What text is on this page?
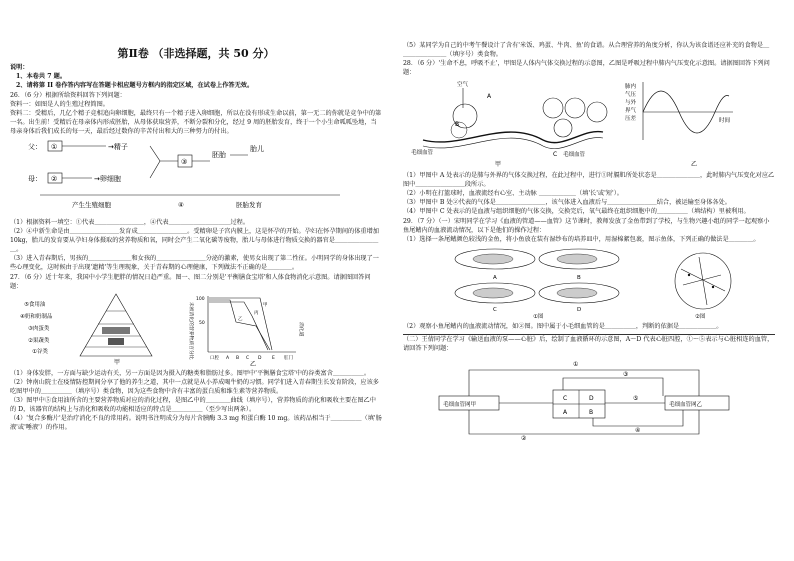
说明：

1、本卷共 7 题。

2、请将第 II 卷作答内容写在答题卡相应题号方框内的指定区域，在试卷上作答无效。

26．（6 分）根据所给资料回答下列问题：

资料一：如图是人的生殖过程简图。

资料二：受精后，几亿个精子竞相追向卵细胞，最终只有一个精子进入卵细胞，所以在没有形成生命以前，第一无二的你就是竞争中的第一名。出生前！受精后在母亲体内形成胚胎，从母体获取营养，不断分裂和分化，经过 9 周的胚胎发育，终于一个小生命呱呱坠地，当母亲身体后我们成长的每一天，最后经过数你的辛苦付出和大的三种努力的付出。

父： ①	→精子
母： ②	→卵细胞
③
胚胎
胎儿
产生生殖细胞	④	胚胎发育

（1）根据资料一填空：①代表＿＿＿＿＿＿＿＿，④代表＿＿＿＿＿＿＿＿＿＿过程。

（2）④中新生命是由＿＿＿＿＿＿＿＿发育成＿＿＿＿＿＿＿＿。受精卵是子宫内膜上，这是怀孕的开始。孕妇在怀孕期间的体重增加 10kg，胎儿的发育要从孕妇身体摄取的营养物质和氧，同时会产生二氧化碳等废物，胎儿与母体进行物质交换的器官是＿＿＿＿＿＿＿＿。

（3）进入青春期后，男孩的＿＿＿＿＿＿＿和女孩的＿＿＿＿＿＿＿＿分泌的激素，使男女出现了第二性征。小明同学的身体出现了一些心理变化，这时候由于出现'遗精'等生理现象，关于青春期的心理健康，下列做法不正确的是＿＿＿＿。

27．（6 分）近十年来，我国中小学生肥胖的情况日趋严重。图一、图二分别是'平衡膳食宝塔'和人体食物消化示意图。请据图回答问题：

⑤食用油
④奶和奶制品
③肉蛋类
②果蔬类
①谷类
甲
未被消化的营养物质百分比
100
50
口腔 A B C D E 肛门
消化道
甲
乙
丙
乙

（1）身体发胖，一方面与缺少运动有关，另一方面是因为摄入的糖类和脂肪过多。图甲中'平衡膳食宝塔'中的谷类富含＿＿＿＿＿。

（2）钟南山院士在疫情防控期间分享了他的养生之道，其中一点就是从小养成喝牛奶的习惯。同学们进入青春期生长发育阶段，应该多吃图甲中的＿＿＿＿＿（填序号）类食物，因为这些食物中含有丰富的蛋白质和维生素等营养物质。

（3）图甲中⑤食用油所含的主要营养物质对应的消化过程，是图乙中的＿＿＿＿曲线（填序号），营养物质的消化和吸收主要在图乙中的 D，该器官的结构上与消化和吸收的功能相适应的特点是＿＿＿＿＿（至少写出两条）。

（4）'复合多酶片'是治疗消化不良的常用药。说明书注明成分为每片含胰酶 3.3 mg 和蛋白酶 10 mg。该药品相当于＿＿＿＿＿（填'肠液'或'唾液'）的作用。

第Ⅱ卷 （非选择题，共 50 分）

（5）某同学为自己的中考午餐设计了含有'米饭、鸡蛋、牛肉、鱼'的食谱。从合理营养的角度分析，你认为该食谱还应补充的食物是＿＿＿＿＿＿＿＿（填序号）类食物。

28．（6 分）'生命不息，呼吸不止'，甲图是人体内气体交换过程的示意图，乙图是呼吸过程中肺内气压变化示意图。请据图回答下列问题：

空气
A
B
C
毛细血管	毛细血管
甲
肺内
气压
与外
界气
压差	时间
乙

（1）甲图中 A 处表示的是肺与外界的气体交换过程，在此过程中，进行①时膈肌所处状态是＿＿＿＿＿＿＿，此时肺内气压变化对应乙图中＿＿＿＿＿＿＿＿段所示。

（2）小明在打篮球时，血液流经右心室、主动脉 ＿＿＿＿＿＿（填'长'或'短'）。

（3）甲图中 B 处②代表的气体是＿＿＿＿＿＿＿＿，该气体进入血液后与＿＿＿＿＿＿＿＿结合，被运输至身体各处。

（4）甲图中 C 处表示的是血液与组织细胞的气体交换，交换完后，氧气最终在组织细胞中的＿＿＿＿＿（填结构）里被利用。

29．（7 分）（一）宋明同学在学习《血液的管道——血管》这节课时，教师发放了金鱼带到了学校，与生物兴趣小组的同学一起观察小鱼尾鳍内的血液流动情况，以下是他们的操作过程：

（1）选择一条尾鳍颜色较浅的金鱼，将小鱼放在装有湿纱布的培养皿中，用湿棉絮包裹，图示鱼体，下列正确的做法是＿＿＿＿。

A	B
C	D
①图	②图

（2）观察小鱼尾鳍内的血液流动情况，如②图。图中属于小毛细血管的是＿＿＿＿＿，判断的依据是＿＿＿＿＿＿。

（二）王倩同学在学习《输送血液的泵——心脏》后，绘制了血液循环的示意图，A～D 代表心脏四腔，①～⑤表示与心脏相连的血管，请回答下列问题：

毛细血管网甲	毛细血管网乙
C	D
A	B
①
②
③
④
⑤
